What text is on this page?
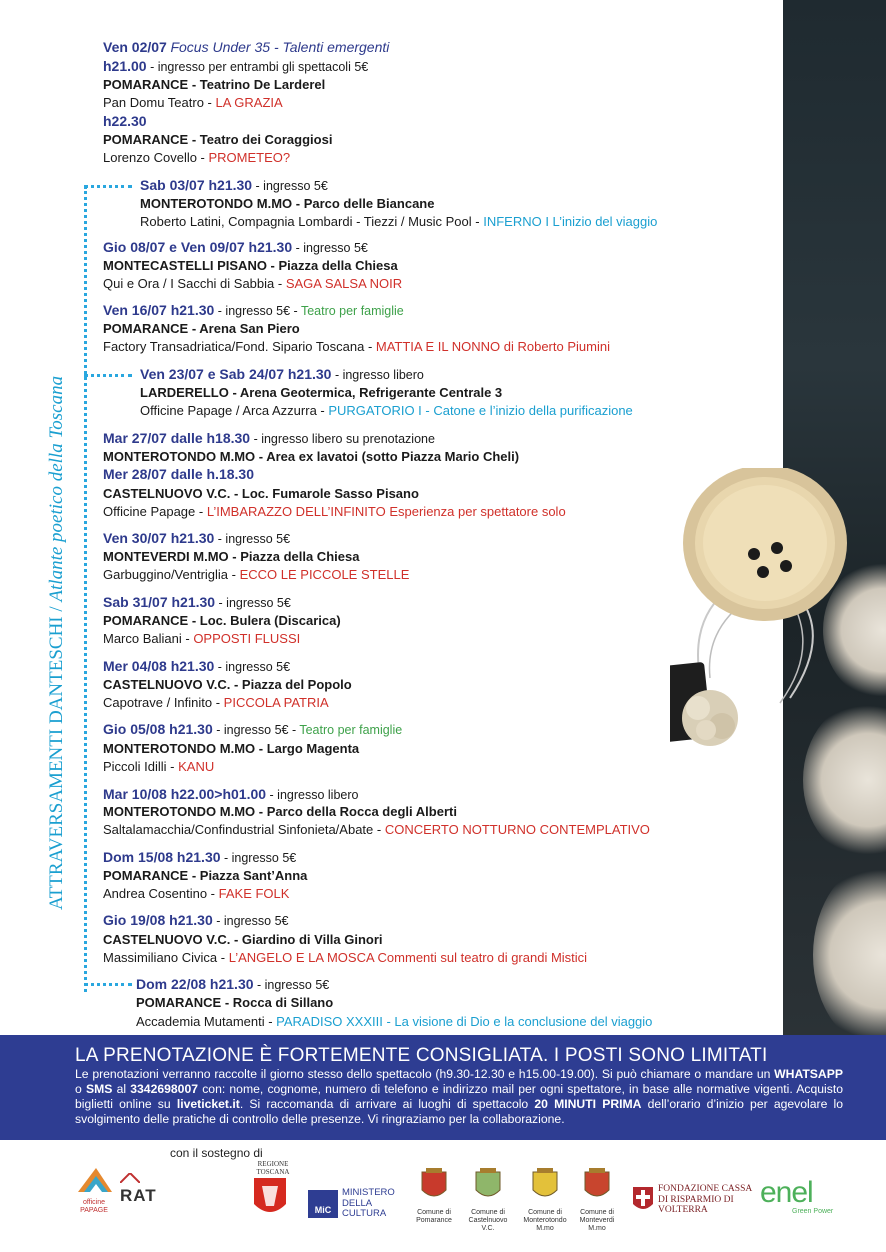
ATTRAVERSAMENTI DANTESCHI / Atlante poetico della Toscana
Ven 02/07 Focus Under 35 - Talenti emergenti
h21.00 - ingresso per entrambi gli spettacoli 5€
POMARANCE - Teatrino De Larderel
Pan Domu Teatro - LA GRAZIA
h22.30
POMARANCE - Teatro dei Coraggiosi
Lorenzo Covello - PROMETEO?
Sab 03/07 h21.30 - ingresso 5€
MONTEROTONDO M.MO - Parco delle Biancane
Roberto Latini, Compagnia Lombardi - Tiezzi / Music Pool - INFERNO I L’inizio del viaggio
Gio 08/07 e Ven 09/07 h21.30 - ingresso 5€
MONTECASTELLI PISANO - Piazza della Chiesa
Qui e Ora / I Sacchi di Sabbia - SAGA SALSA NOIR
Ven 16/07 h21.30 - ingresso 5€ - Teatro per famiglie
POMARANCE - Arena San Piero
Factory Transadriatica/Fond. Sipario Toscana - MATTIA E IL NONNO di Roberto Piumini
Ven 23/07 e Sab 24/07 h21.30 - ingresso libero
LARDERELLO - Arena Geotermica, Refrigerante Centrale 3
Officine Papage / Arca Azzurra - PURGATORIO I - Catone e l’inizio della purificazione
Mar 27/07 dalle h18.30 - ingresso libero su prenotazione
MONTEROTONDO M.MO - Area ex lavatoi (sotto Piazza Mario Cheli)
Mer 28/07 dalle h.18.30
CASTELNUOVO V.C. - Loc. Fumarole Sasso Pisano
Officine Papage - L’IMBARAZZO DELL’INFINITO Esperienza per spettatore solo
Ven 30/07 h21.30 - ingresso 5€
MONTEVERDI M.MO - Piazza della Chiesa
Garbuggino/Ventriglia - ECCO LE PICCOLE STELLE
Sab 31/07 h21.30 - ingresso 5€
POMARANCE - Loc. Bulera (Discarica)
Marco Baliani - OPPOSTI FLUSSI
Mer 04/08 h21.30 - ingresso 5€
CASTELNUOVO V.C. - Piazza del Popolo
Capotrave / Infinito - PICCOLA PATRIA
Gio 05/08 h21.30 - ingresso 5€ - Teatro per famiglie
MONTEROTONDO M.MO - Largo Magenta
Piccoli Idilli - KANU
Mar 10/08 h22.00>h01.00 - ingresso libero
MONTEROTONDO M.MO - Parco della Rocca degli Alberti
Saltalamacchia/Confindustrial Sinfonieta/Abate - CONCERTO NOTTURNO CONTEMPLATIVO
Dom 15/08 h21.30 - ingresso 5€
POMARANCE - Piazza Sant’Anna
Andrea Cosentino - FAKE FOLK
Gio 19/08 h21.30 - ingresso 5€
CASTELNUOVO V.C. - Giardino di Villa Ginori
Massimiliano Civica - L’ANGELO E LA MOSCA Commenti sul teatro di grandi Mistici
Dom 22/08 h21.30 - ingresso 5€
POMARANCE - Rocca di Sillano
Accademia Mutamenti - PARADISO XXXIII - La visione di Dio e la conclusione del viaggio
LA PRENOTAZIONE È FORTEMENTE CONSIGLIATA. I POSTI SONO LIMITATI
Le prenotazioni verranno raccolte il giorno stesso dello spettacolo (h9.30-12.30 e h15.00-19.00). Si può chiamare o mandare un WHATSAPP o SMS al 3342698007 con: nome, cognome, numero di telefono e indirizzo mail per ogni spettatore, in base alle normative vigenti. Acquisto biglietti online su liveticket.it. Si raccomanda di arrivare ai luoghi di spettacolo 20 MINUTI PRIMA dell’orario d’inizio per agevolare lo svolgimento delle pratiche di controllo delle presenze. Vi ringraziamo per la collaborazione.
con il sostegno di
officine PAPAGE
RAT
REGIONE TOSCANA
MiC
MINISTERO DELLA CULTURA	Comune di Pomarance
Comune di Castelnuovo V.C.
Comune di Monterotondo M.mo
Comune di Monteverdi M.mo
FONDAZIONE CASSA DI RISPARMIO DI VOLTERRA
enel
Green Power
